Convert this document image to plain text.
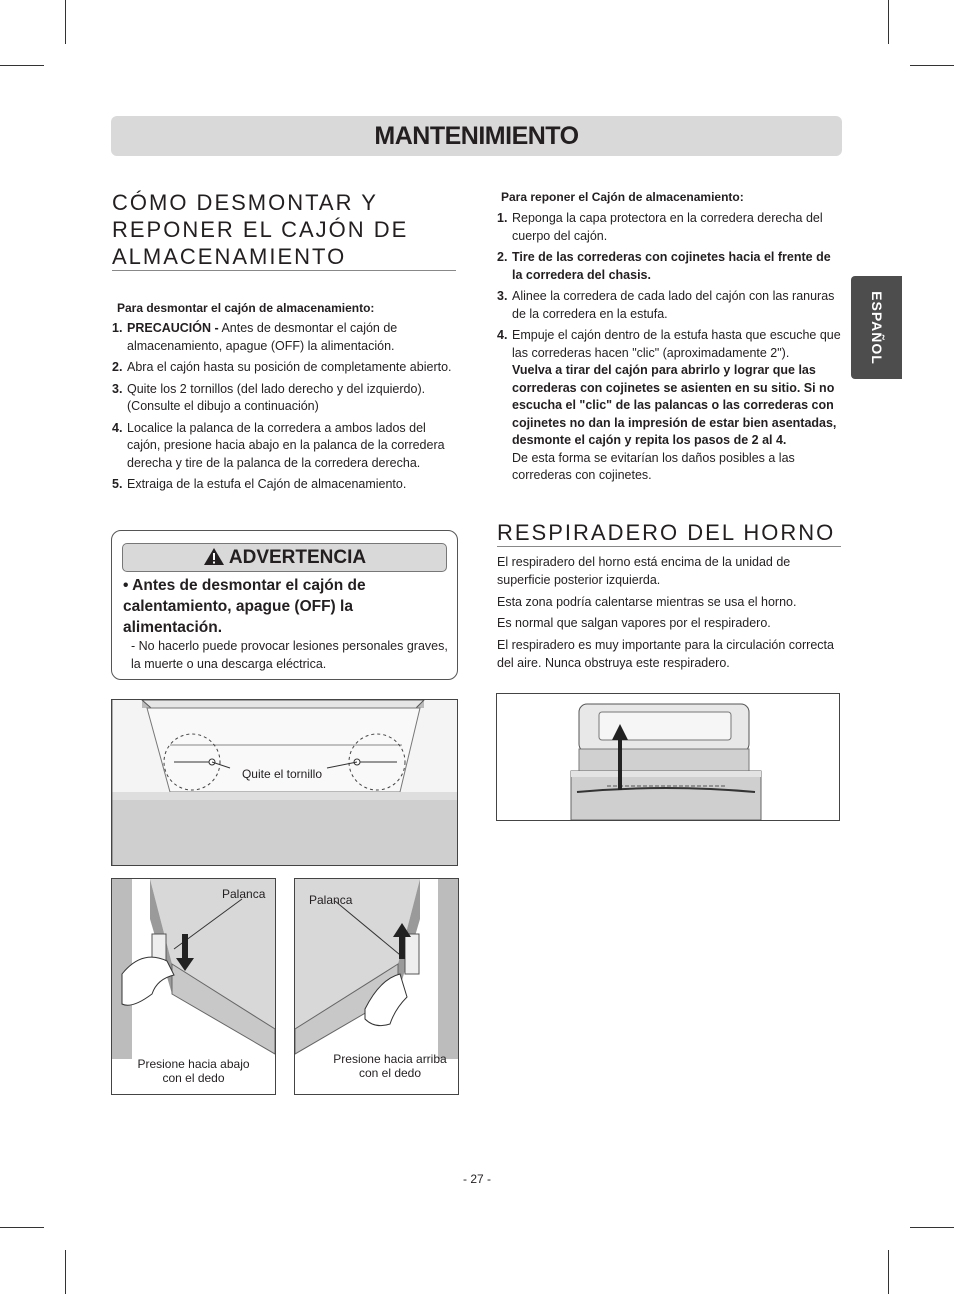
MANTENIMIENTO
ESPAÑOL
CÓMO DESMONTAR Y
REPONER EL CAJÓN DE
ALMACENAMIENTO
Para desmontar el cajón de almacenamiento:
1. PRECAUCIÓN - Antes de desmontar el cajón de almacenamiento, apague (OFF) la alimentación.
2. Abra el cajón hasta su posición de completamente abierto.
3. Quite los 2 tornillos (del lado derecho y del izquierdo). (Consulte el dibujo a continuación)
4. Localice la palanca de la corredera a ambos lados del cajón, presione hacia abajo en la palanca de la corredera derecha y tire de la palanca de la corredera derecha.
5. Extraiga de la estufa el Cajón de almacenamiento.
ADVERTENCIA
• Antes de desmontar el cajón de calentamiento, apague (OFF) la alimentación.
- No hacerlo puede provocar lesiones personales graves, la muerte o una descarga eléctrica.
Quite el tornillo
Palanca
Presione hacia abajo
con el dedo
Palanca
Presione hacia arriba
con el dedo
Para reponer el Cajón de almacenamiento:
1. Reponga la capa protectora en la corredera derecha del cuerpo del cajón.
2. Tire de las correderas con cojinetes hacia el frente de la corredera del chasis.
3. Alinee la corredera de cada lado del cajón con las ranuras de la corredera en la estufa.
4. Empuje el cajón dentro de la estufa hasta que escuche que las correderas hacen "clic" (aproximadamente 2").
Vuelva a tirar del cajón para abrirlo y lograr que las correderas con cojinetes se asienten en su sitio. Si no escucha el "clic" de las palancas o las correderas con cojinetes no dan la impresión de estar bien asentadas, desmonte el cajón y repita los pasos de 2 al 4.
De esta forma se evitarían los daños posibles a las correderas con cojinetes.
RESPIRADERO DEL HORNO

El respiradero del horno está encima de la unidad de superficie posterior izquierda.

Esta zona podría calentarse mientras se usa el horno.

Es normal que salgan vapores por el respiradero.

El respiradero es muy importante para la circulación correcta del aire. Nunca obstruya este respiradero.

- 27 -
